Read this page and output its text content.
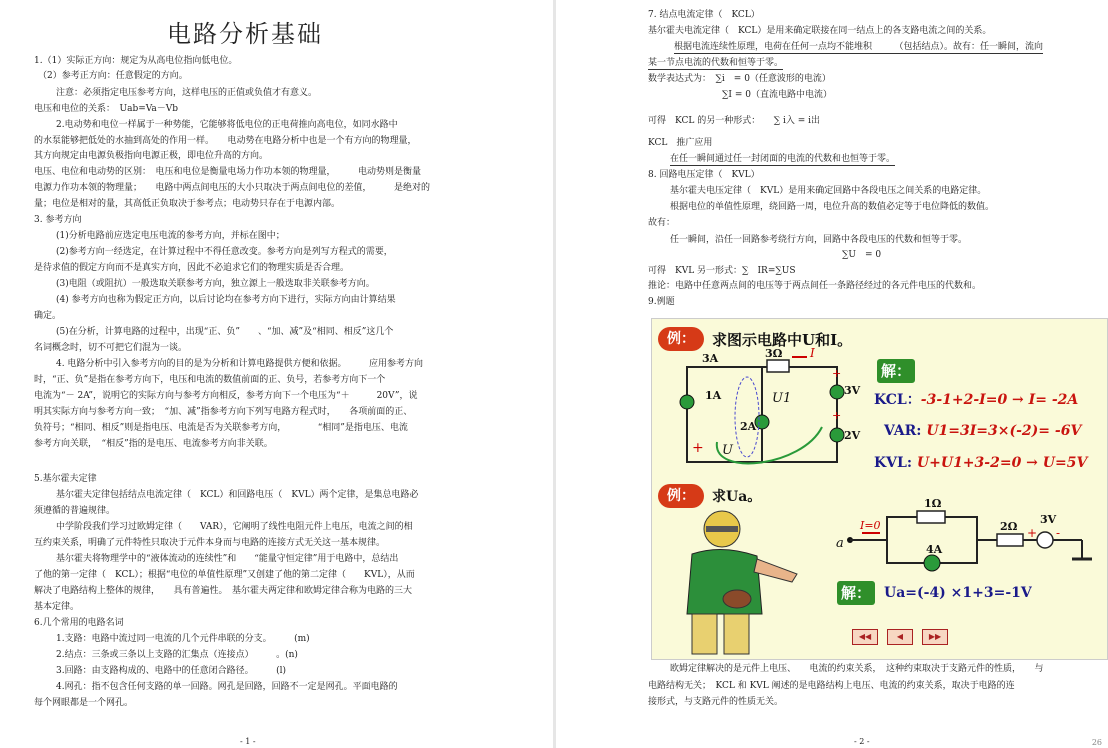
电路分析基础
1.（1）实际正方向：规定为从高电位指向低电位。
（2）参考正方向：任意假定的方向。
注意：必须指定电压参考方向，这样电压的正值或负值才有意义。
电压和电位的关系：　Uab=Va－Vb
2.电动势和电位一样属于一种势能，它能够将低电位的正电荷推向高电位，如同水路中
的水泵能够把低处的水抽到高处的作用一样。　　电动势在电路分析中也是一个有方向的物理量，
其方向规定由电源负极指向电源正极，即电位升高的方向。
电压、电位和电动势的区别：　电压和电位是衡量电场力作功本领的物理量，　　　电动势则是衡量
电源力作功本领的物理量；　　电路中两点间电压的大小只取决于两点间电位的差值，　　　是绝对的
量；电位是相对的量，其高低正负取决于参考点；电动势只存在于电源内部。
3. 参考方向
(1)分析电路前应选定电压电流的参考方向，并标在图中；
(2)参考方向一经选定，在计算过程中不得任意改变。参考方向是列写方程式的需要，
是待求值的假定方向而不是真实方向，因此不必追求它们的物理实质是否合理。
(3)电阻（或阻抗）一般选取关联参考方向，独立源上一般选取非关联参考方向。
(4) 参考方向也称为假定正方向，以后讨论均在参考方向下进行，实际方向由计算结果
确定。
(5)在分析，计算电路的过程中，出现“正、负”　　、“加、减”及“相同、相反”这几个
名词概念时，切不可把它们混为一谈。
4. 电路分析中引入参考方向的目的是为分析和计算电路提供方便和依据。　　　应用参考方向
时，“正、负”是指在参考方向下，电压和电流的数值前面的正、负号，若参考方向下一个
电流为“－ 2A”，说明它的实际方向与参考方向相反，参考方向下一个电压为“＋　　　20V”，说
明其实际方向与参考方向一致；　“加、减”指参考方向下列写电路方程式时，　　各项前面的正、
负符号；“相同、相反”则是指电压、电流是否为关联参考方向，　　　　“相同”是指电压、电流
参考方向关联，　“相反”指的是电压、电流参考方向非关联。
5.基尔霍夫定律
基尔霍夫定律包括结点电流定律（　KCL）和回路电压（　KVL）两个定律，是集总电路必
须遵循的普遍规律。
中学阶段我们学习过欧姆定律（　　VAR），它阐明了线性电阻元件上电压，电流之间的相
互约束关系，明确了元件特性只取决于元件本身而与电路的连接方式无关这一基本规律。
基尔霍夫将物理学中的“液体流动的连续性”和　　“能量守恒定律”用于电路中，总结出
了他的第一定律（　KCL）；根据“电位的单值性原理”又创建了他的第二定律（　　KVL），从而
解决了电路结构上整体的规律，　　具有普遍性。　基尔霍夫两定律和欧姆定律合称为电路的三大
基本定律。
6.几个常用的电路名词
1.支路：电路中流过同一电流的几个元件串联的分支。　　　(m)
2.结点：三条或三条以上支路的汇集点（连接点）　　　。(n)
3.回路：由支路构成的、电路中的任意闭合路径。　　　(l)
4.网孔：指不包含任何支路的单一回路。网孔是回路，回路不一定是网孔。平面电路的
每个网眼都是一个网孔。
- 1 -
7. 结点电流定律（　KCL）
基尔霍夫电流定律（　KCL）是用来确定联接在同一结点上的各支路电流之间的关系。
根据电流连续性原理，电荷在任何一点均不能堆积　　　（包括结点）。故有：任一瞬间，流向
某一节点电流的代数和恒等于零。
数学表达式为：　∑i　= 0（任意波形的电流）
∑I = 0（直流电路中电流）
可得　KCL 的另一种形式：　　∑ i入 = i出
KCL　推广应用
在任一瞬间通过任一封闭面的电流的代数和也恒等于零。
8. 回路电压定律（　KVL）
基尔霍夫电压定律（　KVL）是用来确定回路中各段电压之间关系的电路定律。
根据电位的单值性原理，绕回路一周，电位升高的数值必定等于电位降低的数值。
故有：
任一瞬间，沿任一回路参考绕行方向，回路中各段电压的代数和恒等于零。
∑U　= 0
可得　KVL 另一形式：∑　IR=∑US
推论：电路中任意两点间的电压等于两点间任一条路径经过的各元件电压的代数和。
9.例题
例：	求图示电路中U和I。
3A	3Ω I
1A	U1
2A
3V
2V
U
+
+
+
解：
KCL：-3-1+2-I=0 → I= -2A
VAR: U1=3I=3×(-2)= -6V
KVL: U+U1+3-2=0 → U=5V
例：	求Ua。	1Ω
a
I=0
4A
2Ω
3V
+ -
解： Ua=(-4) ×1+3=-1V
◀◀	◀	▶▶
欧姆定律解决的是元件上电压、　　电流的约束关系，　这种约束取决于支路元件的性质，　　与
电路结构无关；　KCL 和 KVL 阐述的是电路结构上电压、电流的约束关系，取决于电路的连
接形式，与支路元件的性质无关。
- 2 -	26
